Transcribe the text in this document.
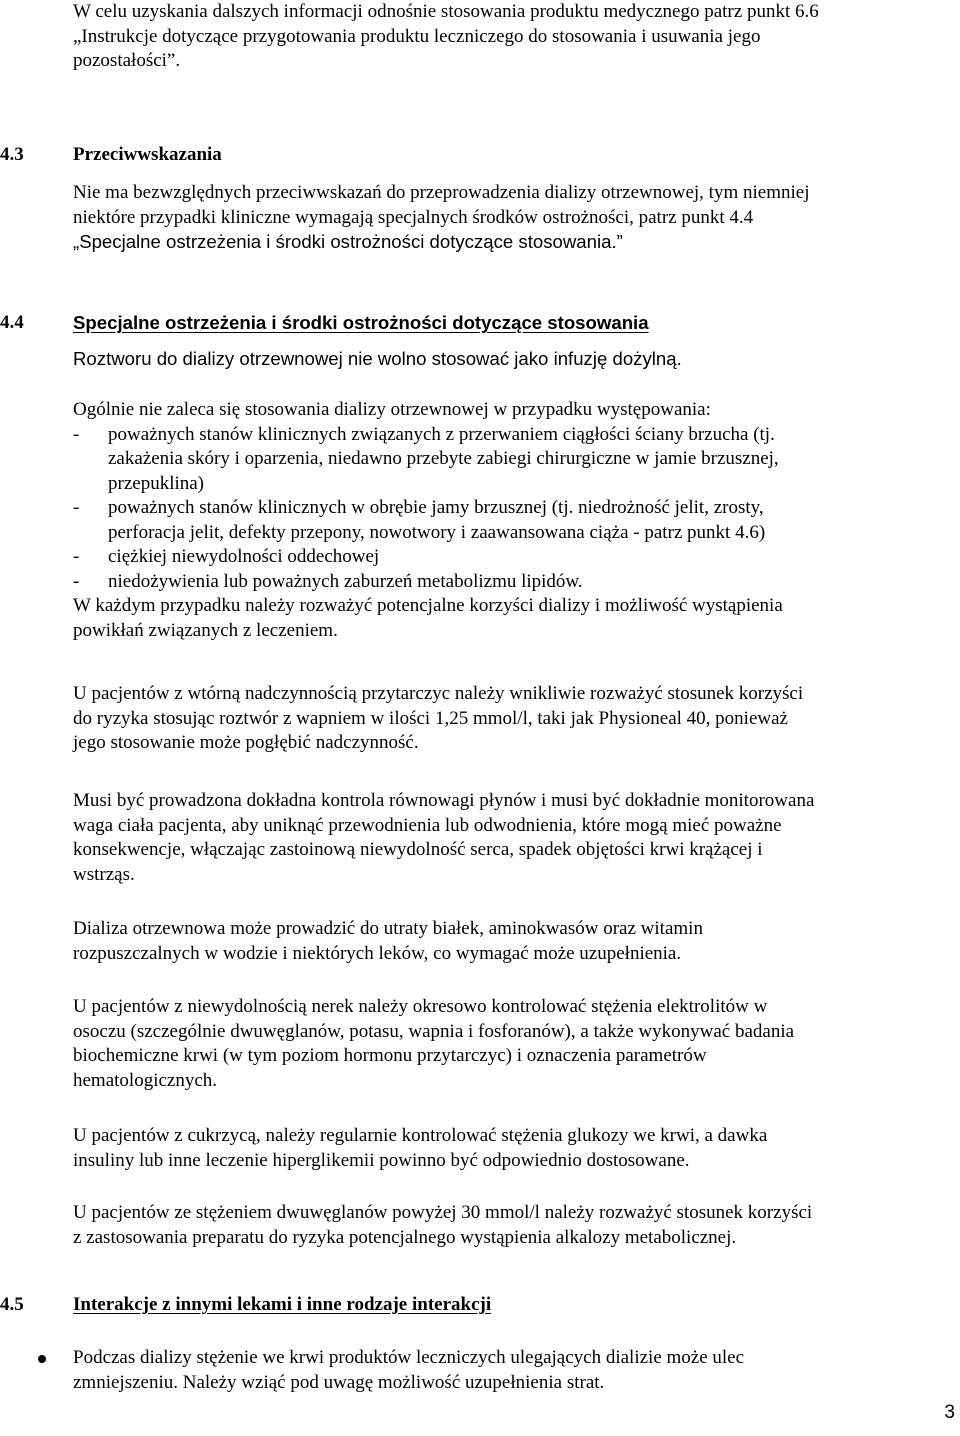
W celu uzyskania dalszych informacji odnośnie stosowania produktu medycznego patrz punkt 6.6
„Instrukcje dotyczące przygotowania produktu leczniczego do stosowania i usuwania jego
pozostałości”.
4.3	Przeciwwskazania
Nie ma bezwzględnych przeciwwskazań do przeprowadzenia dializy otrzewnowej, tym niemniej
niektóre przypadki kliniczne wymagają specjalnych środków ostrożności, patrz punkt 4.4
„Specjalne ostrzeżenia i środki ostrożności dotyczące stosowania.”
4.4	Specjalne ostrzeżenia i środki ostrożności dotyczące stosowania
Roztworu do dializy otrzewnowej nie wolno stosować jako infuzję dożylną.
Ogólnie nie zaleca się stosowania dializy otrzewnowej w przypadku występowania:
- poważnych stanów klinicznych związanych z przerwaniem ciągłości ściany brzucha (tj.
zakażenia skóry i oparzenia, niedawno przebyte zabiegi chirurgiczne w jamie brzusznej,
przepuklina)
- poważnych stanów klinicznych w obrębie jamy brzusznej (tj. niedrożność jelit, zrosty,
perforacja jelit, defekty przepony, nowotwory i zaawansowana ciąża - patrz punkt 4.6)
- ciężkiej niewydolności oddechowej
- niedożywienia lub poważnych zaburzeń metabolizmu lipidów.
W każdym przypadku należy rozważyć potencjalne korzyści dializy i możliwość wystąpienia
powikłań związanych z leczeniem.
U pacjentów z wtórną nadczynnością przytarczyc należy wnikliwie rozważyć stosunek korzyści
do ryzyka stosując roztwór z wapniem w ilości 1,25 mmol/l, taki jak Physioneal 40, ponieważ
jego stosowanie może pogłębić nadczynność.
Musi być prowadzona dokładna kontrola równowagi płynów i musi być dokładnie monitorowana
waga ciała pacjenta, aby uniknąć przewodnienia lub odwodnienia, które mogą mieć poważne
konsekwencje, włączając zastoinową niewydolność serca, spadek objętości krwi krążącej i
wstrząs.
Dializa otrzewnowa może prowadzić do utraty białek, aminokwasów oraz witamin
rozpuszczalnych w wodzie i niektórych leków, co wymagać może uzupełnienia.
U pacjentów z niewydolnością nerek należy okresowo kontrolować stężenia elektrolitów w
osoczu (szczególnie dwuwęglanów, potasu, wapnia i fosforanów), a także wykonywać badania
biochemiczne krwi (w tym poziom hormonu przytarczyc) i oznaczenia parametrów
hematologicznych.
U pacjentów z cukrzycą, należy regularnie kontrolować stężenia glukozy we krwi, a dawka
insuliny lub inne leczenie hiperglikemii powinno być odpowiednio dostosowane.
U pacjentów ze stężeniem dwuwęglanów powyżej 30 mmol/l należy rozważyć stosunek korzyści
z zastosowania preparatu do ryzyka potencjalnego wystąpienia alkalozy metabolicznej.
4.5	Interakcje z innymi lekami i inne rodzaje interakcji
Podczas dializy stężenie we krwi produktów leczniczych ulegających dializie może ulec
zmniejszeniu. Należy wziąć pod uwagę możliwość uzupełnienia strat.
3
